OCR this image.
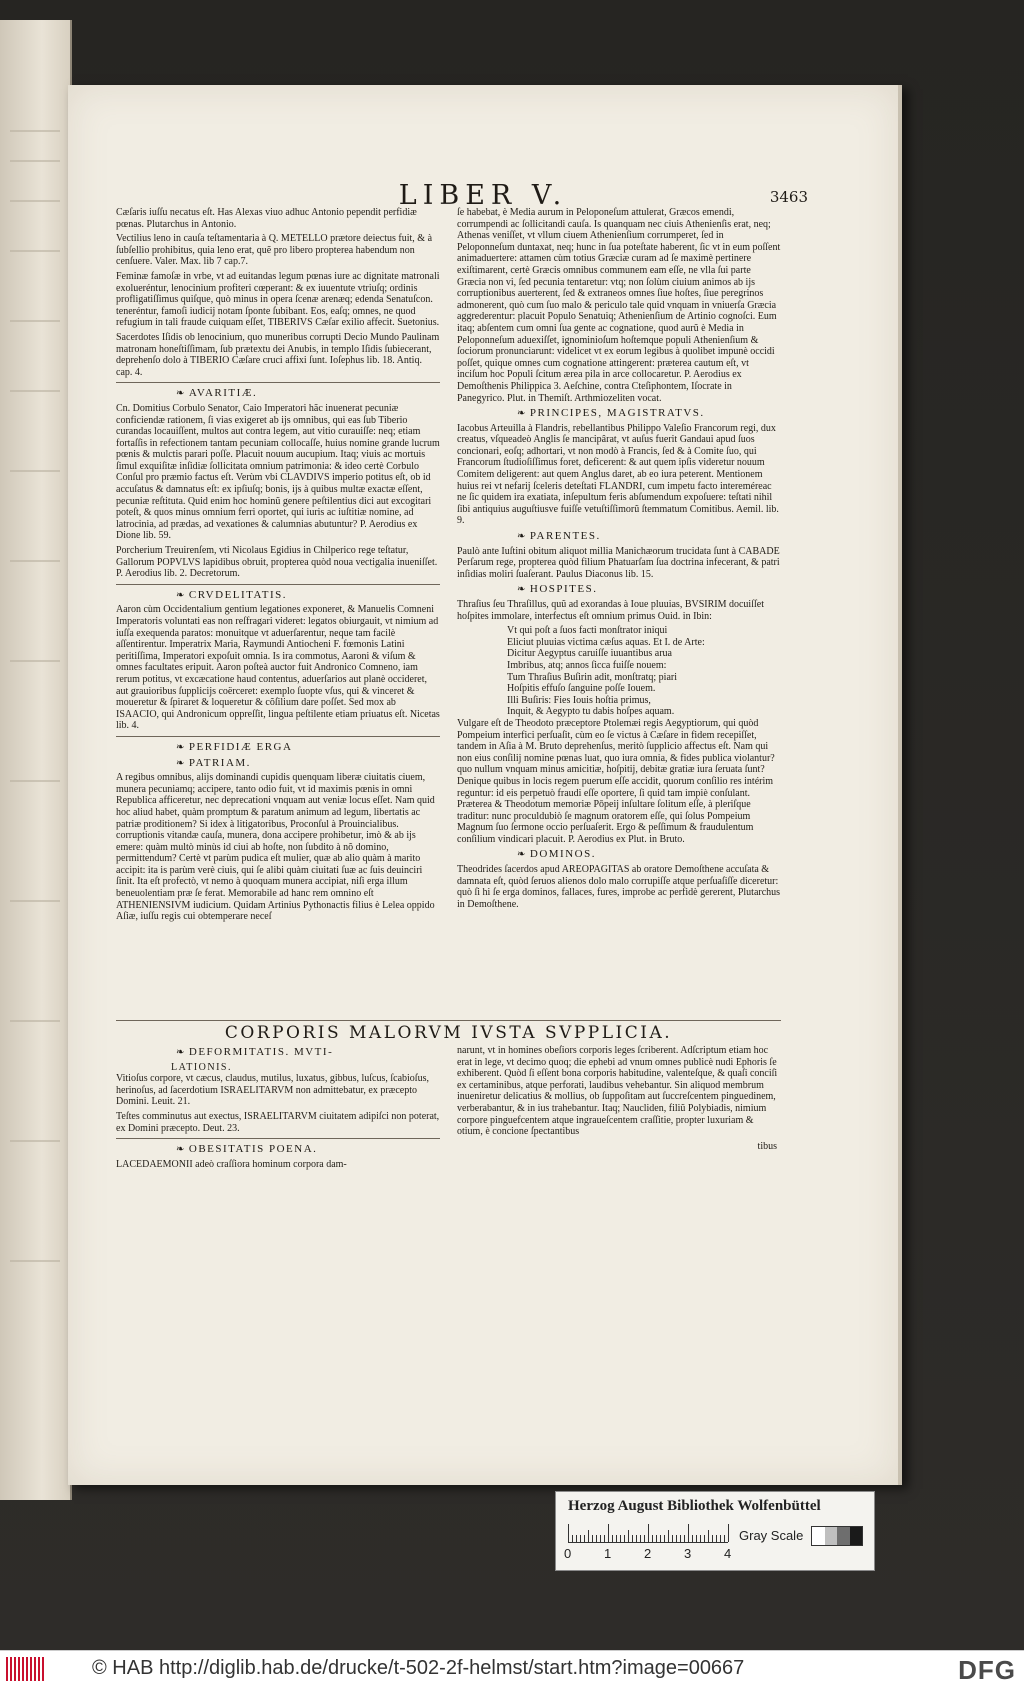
LIBER V.	3463

Cæſaris iuſſu necatus eſt. Has Alexas viuo adhuc Antonio pependit perfidiæ pœnas. Plutarchus in Antonio.

Vectilius leno in cauſa teſtamentaria à Q. METELLO prætore deiectus fuit, & à ſubſellio prohibitus, quia leno erat, quẽ pro libero propterea habendum non cenſuere. Valer. Max. lib 7 cap.7.

Feminæ famoſæ in vrbe, vt ad euitandas legum pœnas iure ac dignitate matronali exolueréntur, lenocinium profiteri cœperant: & ex iuuentute vtriuſq; ordinis profligatiſſimus quiſque, quò minus in opera ſcenæ arenæq; edenda Senatuſcon. teneréntur, famoſi iudicij notam ſponte ſubibant. Eos, eaſq; omnes, ne quod refugium in tali fraude cuiquam eſſet, TIBERIVS Cæſar exilio affecit. Suetonius.

Sacerdotes Iſidis ob lenocinium, quo muneribus corrupti Decio Mundo Paulinam matronam honeſtiſſimam, ſub prætextu dei Anubis, in templo Iſidis ſubiecerant, deprehenſo dolo à TIBERIO Cæſare cruci affixi ſunt. Ioſephus lib. 18. Antiq. cap. 4.

❧ AVARITIÆ.

Cn. Domitius Corbulo Senator, Caio Imperatori hãc inuenerat pecuniæ conficiendæ rationem, ſi vias exigeret ab ijs omnibus, qui eas ſub Tiberio curandas locauiſſent, multos aut contra legem, aut vitio curauiſſe: neq; etiam fortaſſis in refectionem tantam pecuniam collocaſſe, huius nomine grande lucrum pœnis & mulctis parari poſſe. Placuit nouum aucupium. Itaq; viuis ac mortuis ſimul exquiſitæ inſidiæ ſollicitata omnium patrimonia: & ideo certè Corbulo Conſul pro præmio factus eſt. Verùm vbi CLAVDIVS imperio potitus eſt, ob id accuſatus & damnatus eſt: ex ipſiuſq; bonis, ijs à quibus multæ exactæ eſſent, pecuniæ reſtituta. Quid enim hoc hominũ genere peſtilentius dici aut excogitari poteſt, & quos minus omnium ferri oportet, qui iuris ac iuſtitiæ nomine, ad latrocinia, ad prædas, ad vexationes & calumnias abutuntur? P. Aerodius ex Dione lib. 59.

Porcherium Treuirenſem, vti Nicolaus Egidius in Chilperico rege teſtatur, Gallorum POPVLVS lapidibus obruit, propterea quòd noua vectigalia inueniſſet. P. Aerodius lib. 2. Decretorum.

❧ CRVDELITATIS.

Aaron cùm Occidentalium gentium legationes exponeret, & Manuelis Comneni Imperatoris voluntati eas non reſfragari videret: legatos obiurgauit, vt nimium ad iuſſa exequenda paratos: monuitque vt aduerſarentur, neque tam facilè aſſentirentur. Imperatrix Maria, Raymundi Antiocheni F. fœmonis Latini peritiſſima, Imperatori expoſuit omnia. Is ira commotus, Aaroni & viſum & omnes facultates eripuit. Aaron poſteà auctor fuit Andronico Comneno, iam rerum potitus, vt excæcatione haud contentus, aduerſarios aut planè occideret, aut grauioribus ſupplicijs coërceret: exemplo ſuopte vſus, qui & vinceret & moueretur & ſpiraret & loqueretur & cõſilium dare poſſet. Sed mox ab ISAACIO, qui Andronicum oppreſſit, lingua peſtilente etiam priuatus eſt. Nicetas lib. 4.

❧ PERFIDIÆ ERGA
❧ PATRIAM.

A regibus omnibus, alijs dominandi cupidis quenquam liberæ ciuitatis ciuem, munera pecuniamq; accipere, tanto odio fuit, vt id maximis pœnis in omni Republica afficeretur, nec deprecationi vnquam aut veniæ locus eſſet. Nam quid hoc aliud habet, quàm promptum & paratum animum ad legum, libertatis ac patriæ proditionem? Si idex à litigatoribus, Proconſul à Prouincialibus. corruptionis vitandæ cauſa, munera, dona accipere prohibetur, imò & ab ijs emere: quàm multò minùs id ciui ab hoſte, non ſubdito à nõ domino, permittendum? Certè vt parùm pudica eſt mulier, quæ ab alio quàm à marito accipit: ita is parùm verè ciuis, qui ſe alibi quàm ciuitati ſuæ ac ſuis deuinciri ſinit. Ita eſt profectò, vt nemo à quoquam munera accipiat, niſi erga illum beneuolentiam præ ſe ferat. Memorabile ad hanc rem omnino eſt ATHENIENSIVM iudicium. Quidam Artinius Pythonactis filius è Lelea oppido Aſiæ, iuſſu regis cui obtemperare neceſ

ſe habebat, è Media aurum in Peloponeſum attulerat, Græcos emendi, corrumpendi ac ſollicitandi cauſa. Is quanquam nec ciuis Athenienſis erat, neq; Athenas veniſſet, vt vllum ciuem Athenienſium corrumperet, ſed in Peloponneſum duntaxat, neq; hunc in ſua poteſtate haberent, ſic vt in eum poſſent animaduertere: attamen cùm totius Græciæ curam ad ſe maximè pertinere exiſtimarent, certè Græcis omnibus communem eam eſſe, ne vlla ſui parte Græcia non vi, ſed pecunia tentaretur: vtq; non ſolùm ciuium animos ab ijs corruptionibus auerterent, ſed & extraneos omnes ſiue hoſtes, ſiue peregrinos admonerent, quò cum ſuo malo & periculo tale quid vnquam in vniuerſa Græcia aggrederentur: placuit Populo Senatuiq; Athenienſium de Artinio cognoſci. Eum itaq; abſentem cum omni ſua gente ac cognatione, quod aurũ è Media in Peloponneſum aduexiſſet, ignominioſum hoſtemque populi Athenienſium & ſociorum pronunciarunt: videlicet vt ex eorum legibus à quolibet impunè occidi poſſet, quique omnes cum cognatione attingerent: præterea cautum eſt, vt inciſum hoc Populi ſcitum ærea pila in arce collocaretur. P. Aerodius ex Demoſthenis Philippica 3. Aeſchine, contra Cteſiphontem, Iſocrate in Panegyrico. Plut. in Themiſt. Arthmiozeliten vocat.

❧ PRINCIPES, MAGISTRATVS.

Iacobus Arteuilla à Flandris, rebellantibus Philippo Valeſio Francorum regi, dux creatus, vſqueadeò Anglis ſe mancipârat, vt auſus fuerit Gandaui apud ſuos concionari, eoſq; adhortari, vt non modò à Francis, ſed & à Comite ſuo, qui Francorum ſtudioſiſſimus foret, deficerent: & aut quem ipſis videretur nouum Comitem deligerent: aut quem Anglus daret, ab eo iura peterent. Mentionem huius rei vt nefarij ſceleris deteſtati FLANDRI, cum impetu facto intereméreac ne ſic quidem ira exatiata, inſepultum feris abſumendum expoſuere: teſtati nihil ſibi antiquius auguſtiusve fuiſſe vetuſtiſſimorũ ſtemmatum Comitibus. Aemil. lib. 9.

❧ PARENTES.

Paulò ante Iuſtini obitum aliquot millia Manichæorum trucidata ſunt à CABADE Perſarum rege, propterea quòd filium Phatuarſam ſua doctrina infecerant, & patri inſidias moliri ſuaſerant. Paulus Diaconus lib. 15.

❧ HOSPITES.

Thraſius ſeu Thraſillus, quũ ad exorandas à Ioue pluuias, BVSIRIM docuiſſet hoſpites immolare, interfectus eſt omnium primus Ouid. in Ibin:

Vt qui poſt a ſuos facti monſtrator iniqui

Eliciut pluuias victima cæſus aquas. Et I. de Arte:

Dicitur Aegyptus caruiſſe iuuantibus arua

Imbribus, atq; annos ſicca fuiſſe nouem:

Tum Thraſius Buſirin adit, monſtratq; piari

Hoſpitis effuſo ſanguine poſſe Iouem.

Illi Buſiris: Fies Iouis hoſtia primus,

Inquit, & Aegypto tu dabis hoſpes aquam.

Vulgare eſt de Theodoto præceptore Ptolemæi regis Aegyptiorum, qui quòd Pompeium interfici perſuaſit, cùm eo ſe victus à Cæſare in fidem recepiſſet, tandem in Aſia à M. Bruto deprehenſus, meritò ſupplicio affectus eſt. Nam qui non eius conſilij nomine pœnas luat, quo iura omnia, & fides publica violantur? quo nullum vnquam minus amicitiæ, hoſpitij, debitæ gratiæ iura ſeruata ſunt? Denique quibus in locis regem puerum eſſe accidit, quorum conſilio res intérim reguntur: id eis perpetuò fraudi eſſe oportere, ſi quid tam impiè conſulant. Præterea & Theodotum memoriæ Pōpeij inſultare ſolitum eſſe, à pleriſque traditur: nunc proculdubiò ſe magnum oratorem eſſe, qui ſolus Pompeium Magnum ſuo ſermone occio perſuaſerit. Ergo & peſſimum & fraudulentum conſilium vindicari placuit. P. Aerodius ex Plut. in Bruto.

❧ DOMINOS.

Theodrides ſacerdos apud AREOPAGITAS ab oratore Demoſthene accuſata & damnata eſt, quòd ſeruos alienos dolo malo corrupiſſe atque perſuaſiſſe diceretur: quò ſi hi ſe erga dominos, fallaces, fures, improbe ac perfidè gererent, Plutarchus in Demoſthene.

CORPORIS MALORVM IVSTA SVPPLICIA.
❧ DEFORMITATIS. MVTI-
LATIONIS.

Vitioſus corpore, vt cæcus, claudus, mutilus, luxatus, gibbus, luſcus, ſcabioſus, herinoſus, ad ſacerdotium ISRAELITARVM non admittebatur, ex præcepto Domini. Leuit. 21.

Teſtes comminutus aut exectus, ISRAELITARVM ciuitatem adipiſci non poterat, ex Domini præcepto. Deut. 23.

❧ OBESITATIS POENA.

LACEDAEMONII adeò craſſiora hominum corpora dam-

narunt, vt in homines obeſiors corporis leges ſcriberent. Adſcriptum etiam hoc erat in lege, vt decimo quoq; die ephebi ad vnum omnes publicè nudi Ephoris ſe exhiberent. Quòd ſi eſſent bona corporis habitudine, valenteſque, & quaſi conciſi ex certaminibus, atque perforati, laudibus vehebantur. Sin aliquod membrum inueniretur delicatius & mollius, ob ſuppoſitam aut ſuccreſcentem pinguedinem, verberabantur, & in ius trahebantur. Itaq; Naucliden, filiũ Polybiadis, nimium corpore pinguefcentem atque ingraueſcentem craſſitie, propter luxuriam & otium, è concione ſpectantibus

tibus
Herzog August Bibliothek Wolfenbüttel
0	1	2	3	4
Gray Scale
© HAB http://diglib.hab.de/drucke/t-502-2f-helmst/start.htm?image=00667	DFG
